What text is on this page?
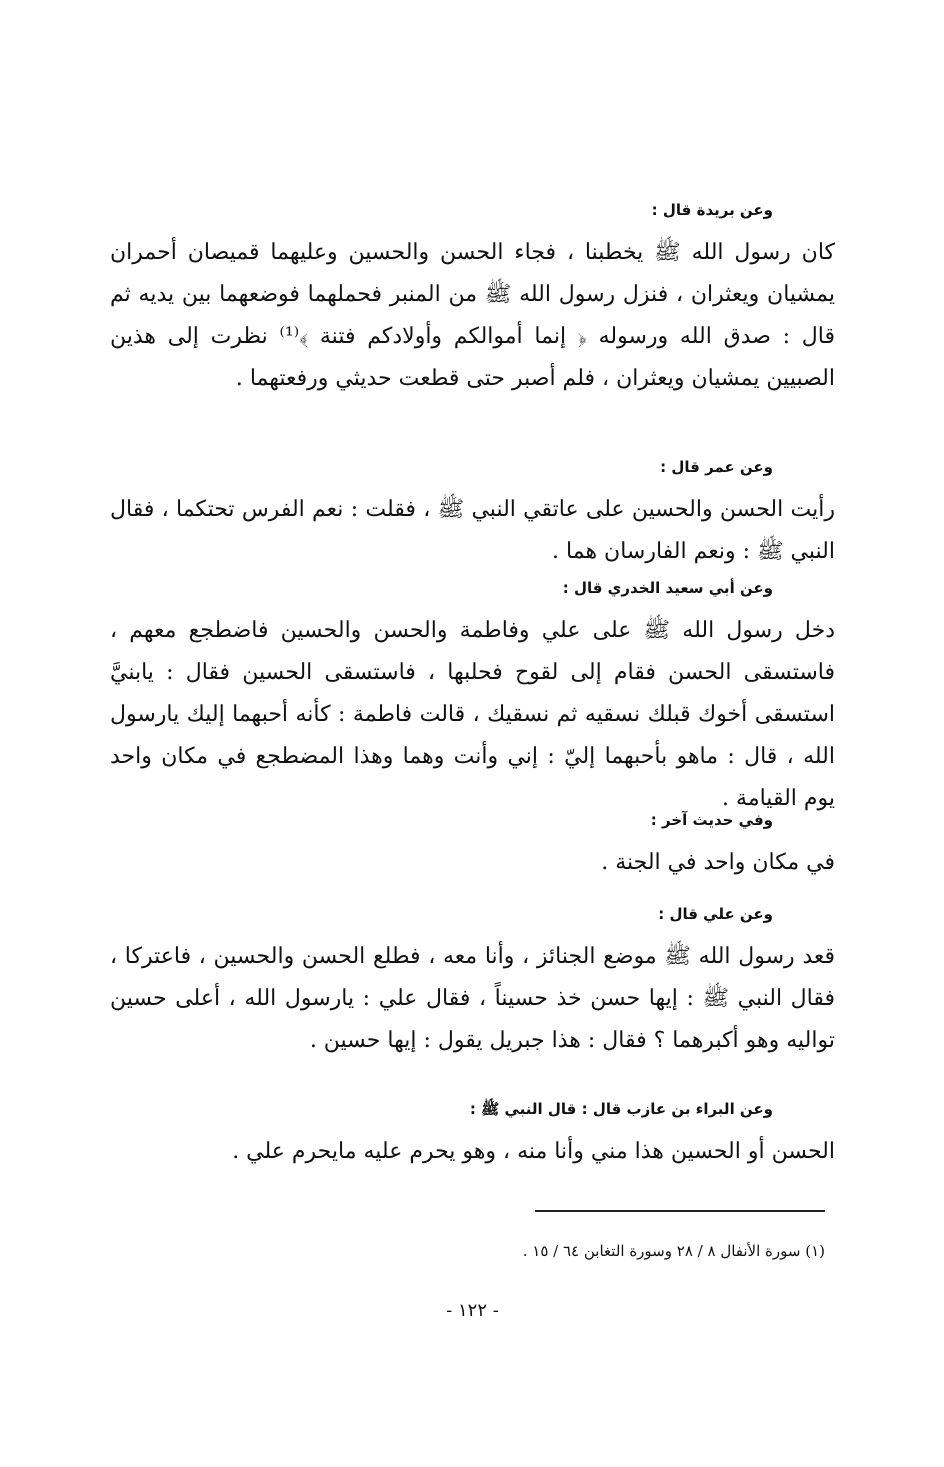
وعن بريدة قال :

كان رسول الله ﷺ يخطبنا ، فجاء الحسن والحسين وعليهما قميصان أحمران يمشيان ويعثران ، فنزل رسول الله ﷺ من المنبر فحملهما فوضعهما بين يديه ثم قال : صدق الله ورسوله ﴿ إنما أموالكم وأولادكم فتنة ﴾⁽¹⁾ نظرت إلى هذين الصبيين يمشيان ويعثران ، فلم أصبر حتى قطعت حديثي ورفعتهما .

وعن عمر قال :

رأيت الحسن والحسين على عاتقي النبي ﷺ ، فقلت : نعم الفرس تحتكما ، فقال النبي ﷺ : ونعم الفارسان هما .

وعن أبي سعيد الخدري قال :

دخل رسول الله ﷺ على علي وفاطمة والحسن والحسين فاضطجع معهم ، فاستسقى الحسن فقام إلى لقوح فحلبها ، فاستسقى الحسين فقال : يابنيَّ استسقى أخوك قبلك نسقيه ثم نسقيك ، قالت فاطمة : كأنه أحبهما إليك يارسول الله ، قال : ماهو بأحبهما إليّ : إني وأنت وهما وهذا المضطجع في مكان واحد يوم القيامة .

وفي حديث آخر :

في مكان واحد في الجنة .

وعن علي قال :

قعد رسول الله ﷺ موضع الجنائز ، وأنا معه ، فطلع الحسن والحسين ، فاعتركا ، فقال النبي ﷺ : إيها حسن خذ حسيناً ، فقال علي : يارسول الله ، أعلى حسين تواليه وهو أكبرهما ؟ فقال : هذا جبريل يقول : إيها حسين .

وعن البراء بن عازب قال : قال النبي ﷺ :

الحسن أو الحسين هذا مني وأنا منه ، وهو يحرم عليه مايحرم علي .

(١) سورة الأنفال ٨ / ٢٨ وسورة التغابن ٦٤ / ١٥ .
- ١٢٢ -
